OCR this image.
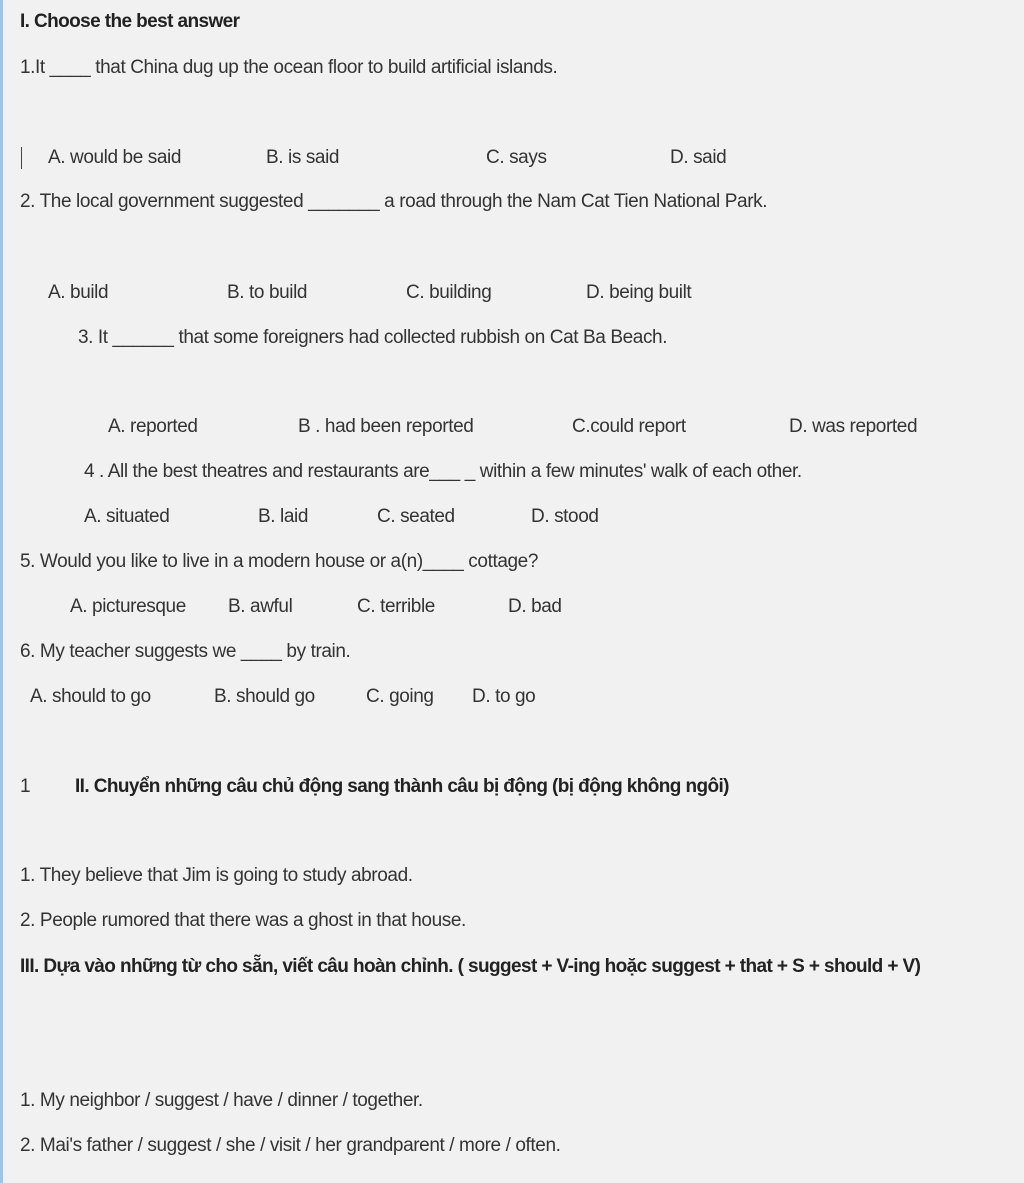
I. Choose the best answer
1.It ____ that China dug up the ocean floor to build artificial islands.
A. would be said	B. is said	C. says	D. said
2. The local government suggested _______ a road through the Nam Cat Tien National Park.
A. build	B. to build	C. building	D. being built
3. It ______ that some foreigners had collected rubbish on Cat Ba Beach.
A. reported	B . had been reported	C.could report	D. was reported
4 . All the best theatres and restaurants are___ _ within a few minutes' walk of each other.
A. situated	B. laid	C. seated	D. stood
5. Would you like to live in a modern house or a(n)____ cottage?
A. picturesque B. awful	C. terrible	D. bad
6. My teacher suggests we ____ by train.
A. should to go	B. should go	C. going D. to go
1 II. Chuyển những câu chủ động sang thành câu bị động (bị động không ngôi)
1. They believe that Jim is going to study abroad.
2. People rumored that there was a ghost in that house.
III. Dựa vào những từ cho sẵn, viết câu hoàn chỉnh. ( suggest + V-ing hoặc suggest + that + S + should + V)
1. My neighbor / suggest / have / dinner / together.
2. Mai's father / suggest / she / visit / her grandparent / more / often.
